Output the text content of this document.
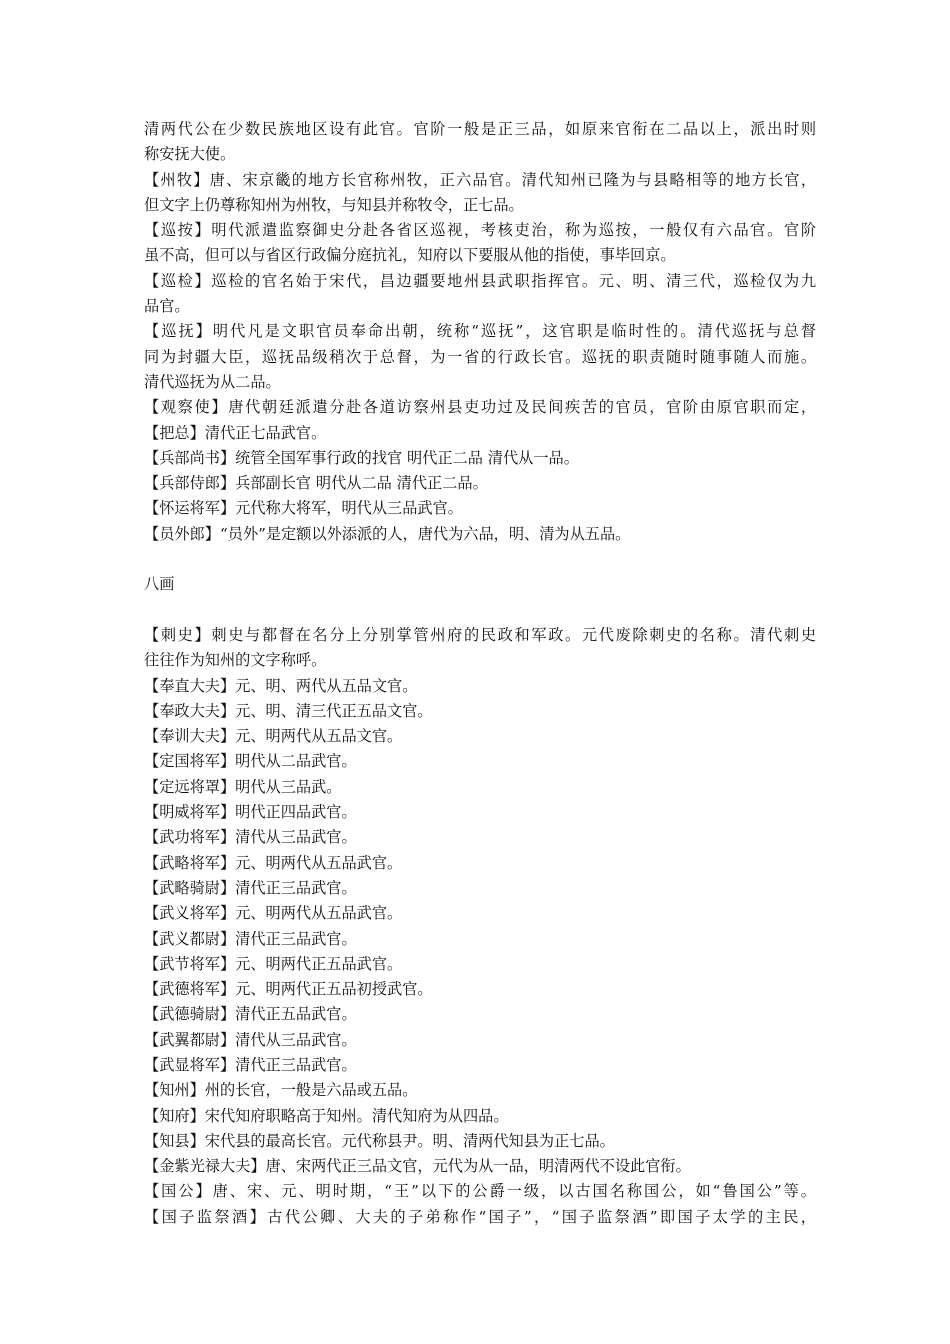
清两代公在少数民族地区设有此官。官阶一般是正三品，如原来官衔在二品以上，派出时则
称安抚大使。
【州牧】唐、宋京畿的地方长官称州牧，正六品官。清代知州已隆为与县略相等的地方长官，
但文字上仍尊称知州为州牧，与知县并称牧令，正七品。
【巡按】明代派遣监察御史分赴各省区巡视，考核吏治，称为巡按，一般仅有六品官。官阶
虽不高，但可以与省区行政偏分庭抗礼，知府以下要服从他的指使，事毕回京。
【巡检】巡检的官名始于宋代，昌边疆要地州县武职指挥官。元、明、清三代，巡检仅为九
品官。
【巡抚】明代凡是文职官员奉命出朝，统称“巡抚”，这官职是临时性的。清代巡抚与总督
同为封疆大臣，巡抚品级稍次于总督，为一省的行政长官。巡抚的职责随时随事随人而施。
清代巡抚为从二品。
【观察使】唐代朝廷派遣分赴各道访察州县吏功过及民间疾苦的官员，官阶由原官职而定，
【把总】清代正七品武官。
【兵部尚书】统管全国军事行政的找官 明代正二品 清代从一品。
【兵部侍郎】兵部副长官 明代从二品 清代正二品。
【怀运将军】元代称大将军，明代从三品武官。
【员外郎】“员外”是定额以外添派的人，唐代为六品，明、清为从五品。
八画
【刺史】刺史与都督在名分上分别掌管州府的民政和军政。元代废除刺史的名称。清代刺史
往往作为知州的文字称呼。
【奉直大夫】元、明、两代从五品文官。
【奉政大夫】元、明、清三代正五品文官。
【奉训大夫】元、明两代从五品文官。
【定国将军】明代从二品武官。
【定远将罩】明代从三品武。
【明威将军】明代正四品武官。
【武功将军】清代从三品武官。
【武略将军】元、明两代从五品武官。
【武略骑尉】清代正三品武官。
【武义将军】元、明两代从五品武官。
【武义都尉】清代正三品武官。
【武节将军】元、明两代正五品武官。
【武德将军】元、明两代正五品初授武官。
【武德骑尉】清代正五品武官。
【武翼都尉】清代从三品武官。
【武显将军】清代正三品武官。
【知州】州的长官，一般是六品或五品。
【知府】宋代知府职略高于知州。清代知府为从四品。
【知县】宋代县的最高长官。元代称县尹。明、清两代知县为正七品。
【金紫光禄大夫】唐、宋两代正三品文官，元代为从一品，明清两代不设此官衔。
【国公】唐、宋、元、明时期，“王”以下的公爵一级，以古国名称国公，如“鲁国公”等。
【国子监祭酒】古代公卿、大夫的子弟称作“国子”，“国子监祭酒”即国子太学的主民，
